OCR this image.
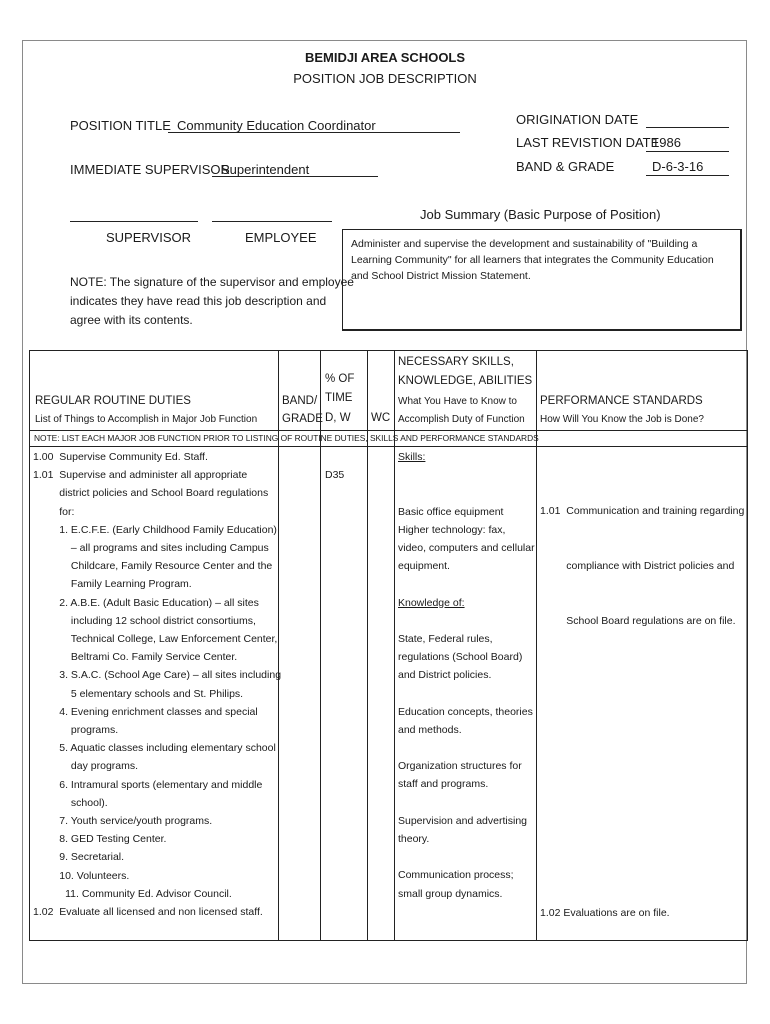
BEMIDJI AREA SCHOOLS
POSITION JOB DESCRIPTION
POSITION TITLE Community Education Coordinator
IMMEDIATE SUPERVISOR
Superintendent
ORIGINATION DATE
LAST REVISTION DATE
1986
BAND & GRADE	D-6-3-16
SUPERVISOR	EMPLOYEE
NOTE: The signature of the supervisor and employee
indicates they have read this job description and
agree with its contents.
Job Summary (Basic Purpose of Position)
Administer and supervise the development and sustainability of "Building a Learning Community" for all learners that integrates the Community Education and School District Mission Statement.
REGULAR ROUTINE DUTIES
List of Things to Accomplish in Major Job Function
BAND/
GRADE
% OF
TIME
D, W WC
NECESSARY SKILLS,
KNOWLEDGE, ABILITIES
What You Have to Know to
Accomplish Duty of Function
PERFORMANCE STANDARDS
How Will You Know the Job is Done?
NOTE: LIST EACH MAJOR JOB FUNCTION PRIOR TO LISTING OF ROUTINE DUTIES, SKILLS AND PERFORMANCE STANDARDS
1.00  Supervise Community Ed. Staff.
1.01  Supervise and administer all appropriate
district policies and School Board regulations
for:
1. E.C.F.E. (Early Childhood Family Education)
– all programs and sites including Campus
Childcare, Family Resource Center and the
Family Learning Program.
2. A.B.E. (Adult Basic Education) – all sites
including 12 school district consortiums,
Technical College, Law Enforcement Center,
Beltrami Co. Family Service Center.
3. S.A.C. (School Age Care) – all sites including
5 elementary schools and St. Philips.
4. Evening enrichment classes and special
programs.
5. Aquatic classes including elementary school
day programs.
6. Intramural sports (elementary and middle
school).
7. Youth service/youth programs.
8. GED Testing Center.
9. Secretarial.
10. Volunteers.
11. Community Ed. Advisor Council.
1.02  Evaluate all licensed and non licensed staff.
D35
Skills:
Basic office equipment
Higher technology: fax,
video, computers and cellular
equipment.
Knowledge of:
State, Federal rules,
regulations (School Board)
and District policies.
Education concepts, theories
and methods.
Organization structures for
staff and programs.
Supervision and advertising
theory.
Communication process;
small group dynamics.

1.01  Communication and training regarding

compliance with District policies and

School Board regulations are on file.

1.02 Evaluations are on file.
